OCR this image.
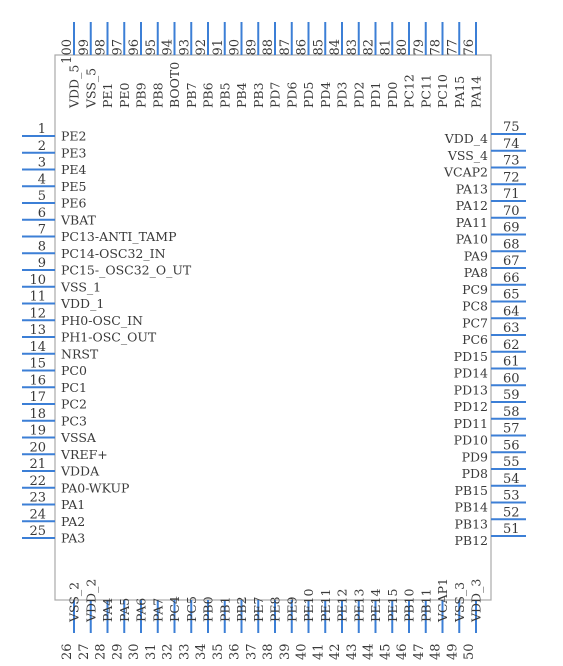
1 PE2
2 PE3
3 PE4
4 PE5
5 PE6
6 VBAT
7 PC13-ANTI_TAMP
8 PC14-OSC32_IN
9 PC15-_OSC32_O_UT
10 VSS_1
11 VDD_1
12 PH0-OSC_IN
13 PH1-OSC_OUT
14 NRST
15 PC0
16 PC1
17 PC2
18 PC3
19 VSSA
20 VREF+
21 VDDA
22 PA0-WKUP
23 PA1
24 PA2
25 PA3
26
VSS_2
27
VDD_2
28
PA4
29
PA5
30
PA6
31
PA7
32
PC4
33
PC5
34
PB0
35
PB1
36
PB2
37
PE7
38
PE8
39
PE9
40
PE10
41
PE11
42
PE12
43
PE13
44
PE14
45
PE15
46
PB10
47
PB11
48
VCAP1
49
VSS_3
50
VDD_3
51
PB12
52
PB13
53
PB14
54
PB15
55
PD8
56
PD9
57
PD10
58
PD11
59
PD12
60
PD13
61
PD14
62
PD15
63
PC6
64
PC7
65
PC8
66
PC9
67
PA8
68
PA9
69
PA10
70
PA11
71
PA12
72
PA13
73
VCAP2
74
VSS_4
75
VDD_4
76
PA14
77
PA15
78
PC10
79
PC11
80
PC12
81
PD0
82
PD1
83
PD2
84
PD3
85
PD4
86
PD5
87
PD6
88
PD7
89
PB3
90
PB4
91
PB5
92
PB6
93
PB7
94
BOOT0
95
PB8
96
PB9
97
PE0
98
PE1
99
VSS_5
100
VDD_5
